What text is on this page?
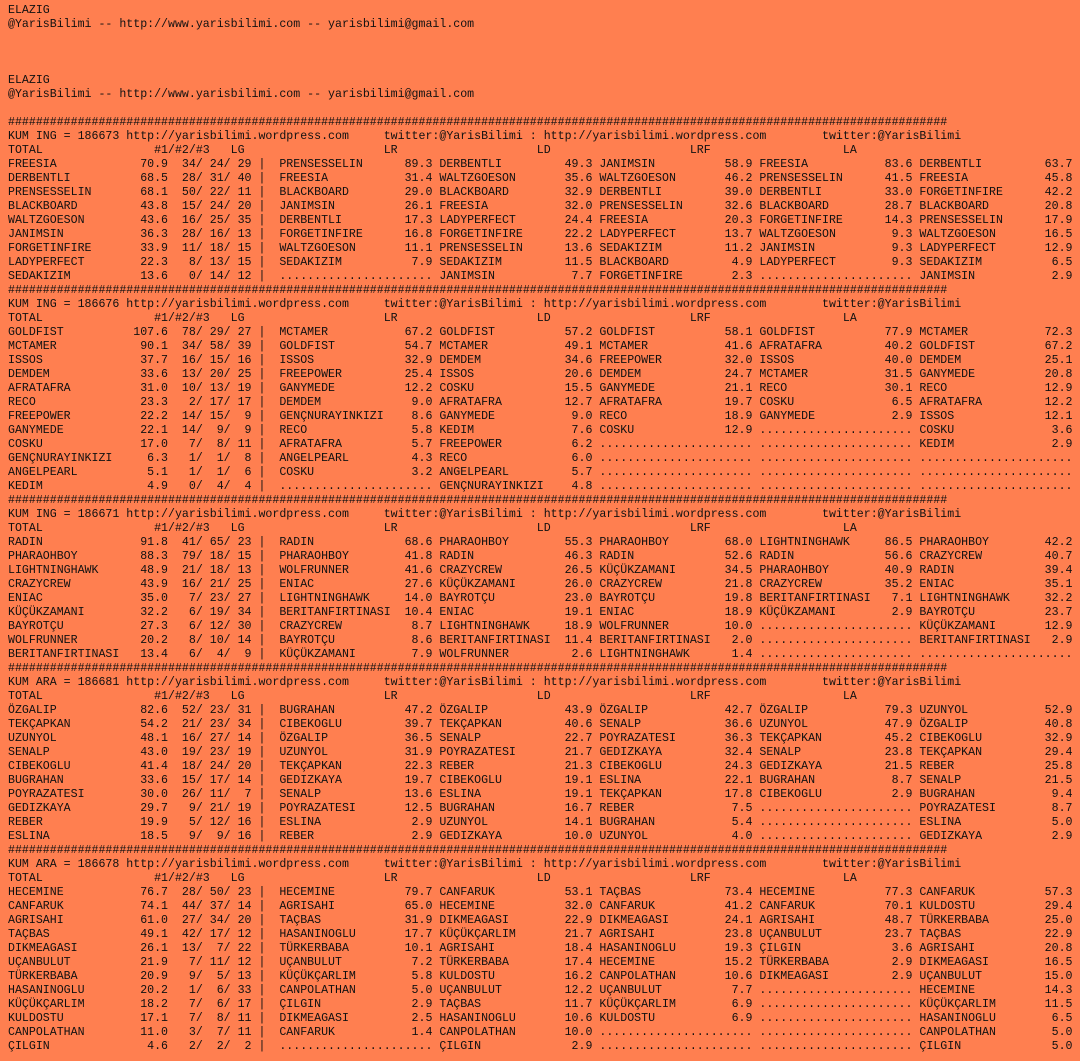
ELAZIG
@YarisBilimi -- http://www.yarisbilimi.com -- yarisbilimi@gmail.com
ELAZIG
@YarisBilimi -- http://www.yarisbilimi.com -- yarisbilimi@gmail.com
#######################################################################################################################################
KUM ING = 186673 http://yarisbilimi.wordpress.com     twitter:@YarisBilimi : http://yarisbilimi.wordpress.com        twitter:@YarisBilimi
TOTAL                #1/#2/#3   LG                    LR                    LD                    LRF                   LA
FREESIA            70.9  34/ 24/ 29 |  PRENSESSELIN      89.3 DERBENTLI         49.3 JANIMSIN          58.9 FREESIA           83.6 DERBENTLI         63.7
DERBENTLI          68.5  28/ 31/ 40 |  FREESIA           31.4 WALTZGOESON       35.6 WALTZGOESON       46.2 PRENSESSELIN      41.5 FREESIA           45.8
PRENSESSELIN       68.1  50/ 22/ 11 |  BLACKBOARD        29.0 BLACKBOARD        32.9 DERBENTLI         39.0 DERBENTLI         33.0 FORGETINFIRE      42.2
BLACKBOARD         43.8  15/ 24/ 20 |  JANIMSIN          26.1 FREESIA           32.0 PRENSESSELIN      32.6 BLACKBOARD        28.7 BLACKBOARD        20.8
WALTZGOESON        43.6  16/ 25/ 35 |  DERBENTLI         17.3 LADYPERFECT       24.4 FREESIA           20.3 FORGETINFIRE      14.3 PRENSESSELIN      17.9
JANIMSIN           36.3  28/ 16/ 13 |  FORGETINFIRE      16.8 FORGETINFIRE      22.2 LADYPERFECT       13.7 WALTZGOESON        9.3 WALTZGOESON       16.5
FORGETINFIRE       33.9  11/ 18/ 15 |  WALTZGOESON       11.1 PRENSESSELIN      13.6 SEDAKIZIM         11.2 JANIMSIN           9.3 LADYPERFECT       12.9
LADYPERFECT        22.3   8/ 13/ 15 |  SEDAKIZIM          7.9 SEDAKIZIM         11.5 BLACKBOARD         4.9 LADYPERFECT        9.3 SEDAKIZIM          6.5
SEDAKIZIM          13.6   0/ 14/ 12 |  ...................... JANIMSIN           7.7 FORGETINFIRE       2.3 ...................... JANIMSIN           2.9
#######################################################################################################################################
KUM ING = 186676 http://yarisbilimi.wordpress.com     twitter:@YarisBilimi : http://yarisbilimi.wordpress.com        twitter:@YarisBilimi
TOTAL                #1/#2/#3   LG                    LR                    LD                    LRF                   LA
GOLDFIST          107.6  78/ 29/ 27 |  MCTAMER           67.2 GOLDFIST          57.2 GOLDFIST          58.1 GOLDFIST          77.9 MCTAMER           72.3
MCTAMER            90.1  34/ 58/ 39 |  GOLDFIST          54.7 MCTAMER           49.1 MCTAMER           41.6 AFRATAFRA         40.2 GOLDFIST          67.2
ISSOS              37.7  16/ 15/ 16 |  ISSOS             32.9 DEMDEM            34.6 FREEPOWER         32.0 ISSOS             40.0 DEMDEM            25.1
DEMDEM             33.6  13/ 20/ 25 |  FREEPOWER         25.4 ISSOS             20.6 DEMDEM            24.7 MCTAMER           31.5 GANYMEDE          20.8
AFRATAFRA          31.0  10/ 13/ 19 |  GANYMEDE          12.2 COSKU             15.5 GANYMEDE          21.1 RECO              30.1 RECO              12.9
RECO               23.3   2/ 17/ 17 |  DEMDEM             9.0 AFRATAFRA         12.7 AFRATAFRA         19.7 COSKU              6.5 AFRATAFRA         12.2
FREEPOWER          22.2  14/ 15/  9 |  GENÇNURAYINKIZI    8.6 GANYMEDE           9.0 RECO              18.9 GANYMEDE           2.9 ISSOS             12.1
GANYMEDE           22.1  14/  9/  9 |  RECO               5.8 KEDIM              7.6 COSKU             12.9 ...................... COSKU              3.6
COSKU              17.0   7/  8/ 11 |  AFRATAFRA          5.7 FREEPOWER          6.2 ...................... ...................... KEDIM              2.9
GENÇNURAYINKIZI     6.3   1/  1/  8 |  ANGELPEARL         4.3 RECO               6.0 ...................... ...................... ......................
ANGELPEARL          5.1   1/  1/  6 |  COSKU              3.2 ANGELPEARL         5.7 ...................... ...................... ......................
KEDIM               4.9   0/  4/  4 |  ...................... GENÇNURAYINKIZI    4.8 ...................... ...................... ......................
#######################################################################################################################################
KUM ING = 186671 http://yarisbilimi.wordpress.com     twitter:@YarisBilimi : http://yarisbilimi.wordpress.com        twitter:@YarisBilimi
TOTAL                #1/#2/#3   LG                    LR                    LD                    LRF                   LA
RADIN              91.8  41/ 65/ 23 |  RADIN             68.6 PHARAOHBOY        55.3 PHARAOHBOY        68.0 LIGHTNINGHAWK     86.5 PHARAOHBOY        42.2
PHARAOHBOY         88.3  79/ 18/ 15 |  PHARAOHBOY        41.8 RADIN             46.3 RADIN             52.6 RADIN             56.6 CRAZYCREW         40.7
LIGHTNINGHAWK      48.9  21/ 18/ 13 |  WOLFRUNNER        41.6 CRAZYCREW         26.5 KÜÇÜKZAMANI       34.5 PHARAOHBOY        40.9 RADIN             39.4
CRAZYCREW          43.9  16/ 21/ 25 |  ENIAC             27.6 KÜÇÜKZAMANI       26.0 CRAZYCREW         21.8 CRAZYCREW         35.2 ENIAC             35.1
ENIAC              35.0   7/ 23/ 27 |  LIGHTNINGHAWK     14.0 BAYROTÇU          23.0 BAYROTÇU          19.8 BERITANFIRTINASI   7.1 LIGHTNINGHAWK     32.2
KÜÇÜKZAMANI        32.2   6/ 19/ 34 |  BERITANFIRTINASI  10.4 ENIAC             19.1 ENIAC             18.9 KÜÇÜKZAMANI        2.9 BAYROTÇU          23.7
BAYROTÇU           27.3   6/ 12/ 30 |  CRAZYCREW          8.7 LIGHTNINGHAWK     18.9 WOLFRUNNER        10.0 ...................... KÜÇÜKZAMANI       12.9
WOLFRUNNER         20.2   8/ 10/ 14 |  BAYROTÇU           8.6 BERITANFIRTINASI  11.4 BERITANFIRTINASI   2.0 ...................... BERITANFIRTINASI   2.9
BERITANFIRTINASI   13.4   6/  4/  9 |  KÜÇÜKZAMANI        7.9 WOLFRUNNER         2.6 LIGHTNINGHAWK      1.4 ...................... ......................
#######################################################################################################################################
KUM ARA = 186681 http://yarisbilimi.wordpress.com     twitter:@YarisBilimi : http://yarisbilimi.wordpress.com        twitter:@YarisBilimi
TOTAL                #1/#2/#3   LG                    LR                    LD                    LRF                   LA
ÖZGALIP            82.6  52/ 23/ 31 |  BUGRAHAN          47.2 ÖZGALIP           43.9 ÖZGALIP           42.7 ÖZGALIP           79.3 UZUNYOL           52.9
TEKÇAPKAN          54.2  21/ 23/ 34 |  CIBEKOGLU         39.7 TEKÇAPKAN         40.6 SENALP            36.6 UZUNYOL           47.9 ÖZGALIP           40.8
UZUNYOL            48.1  16/ 27/ 14 |  ÖZGALIP           36.5 SENALP            22.7 POYRAZATESI       36.3 TEKÇAPKAN         45.2 CIBEKOGLU         32.9
SENALP             43.0  19/ 23/ 19 |  UZUNYOL           31.9 POYRAZATESI       21.7 GEDIZKAYA         32.4 SENALP            23.8 TEKÇAPKAN         29.4
CIBEKOGLU          41.4  18/ 24/ 20 |  TEKÇAPKAN         22.3 REBER             21.3 CIBEKOGLU         24.3 GEDIZKAYA         21.5 REBER             25.8
BUGRAHAN           33.6  15/ 17/ 14 |  GEDIZKAYA         19.7 CIBEKOGLU         19.1 ESLINA            22.1 BUGRAHAN           8.7 SENALP            21.5
POYRAZATESI        30.0  26/ 11/  7 |  SENALP            13.6 ESLINA            19.1 TEKÇAPKAN         17.8 CIBEKOGLU          2.9 BUGRAHAN           9.4
GEDIZKAYA          29.7   9/ 21/ 19 |  POYRAZATESI       12.5 BUGRAHAN          16.7 REBER              7.5 ...................... POYRAZATESI        8.7
REBER              19.9   5/ 12/ 16 |  ESLINA             2.9 UZUNYOL           14.1 BUGRAHAN           5.4 ...................... ESLINA             5.0
ESLINA             18.5   9/  9/ 16 |  REBER              2.9 GEDIZKAYA         10.0 UZUNYOL            4.0 ...................... GEDIZKAYA          2.9
#######################################################################################################################################
KUM ARA = 186678 http://yarisbilimi.wordpress.com     twitter:@YarisBilimi : http://yarisbilimi.wordpress.com        twitter:@YarisBilimi
TOTAL                #1/#2/#3   LG                    LR                    LD                    LRF                   LA
HECEMINE           76.7  28/ 50/ 23 |  HECEMINE          79.7 CANFARUK          53.1 TAÇBAS            73.4 HECEMINE          77.3 CANFARUK          57.3
CANFARUK           74.1  44/ 37/ 14 |  AGRISAHI          65.0 HECEMINE          32.0 CANFARUK          41.2 CANFARUK          70.1 KULDOSTU          29.4
AGRISAHI           61.0  27/ 34/ 20 |  TAÇBAS            31.9 DIKMEAGASI        22.9 DIKMEAGASI        24.1 AGRISAHI          48.7 TÜRKERBABA        25.0
TAÇBAS             49.1  42/ 17/ 12 |  HASANINOGLU       17.7 KÜÇÜKÇARLIM       21.7 AGRISAHI          23.8 UÇANBULUT         23.7 TAÇBAS            22.9
DIKMEAGASI         26.1  13/  7/ 22 |  TÜRKERBABA        10.1 AGRISAHI          18.4 HASANINOGLU       19.3 ÇILGIN             3.6 AGRISAHI          20.8
UÇANBULUT          21.9   7/ 11/ 12 |  UÇANBULUT          7.2 TÜRKERBABA        17.4 HECEMINE          15.2 TÜRKERBABA         2.9 DIKMEAGASI        16.5
TÜRKERBABA         20.9   9/  5/ 13 |  KÜÇÜKÇARLIM        5.8 KULDOSTU          16.2 CANPOLATHAN       10.6 DIKMEAGASI         2.9 UÇANBULUT         15.0
HASANINOGLU        20.2   1/  6/ 33 |  CANPOLATHAN        5.0 UÇANBULUT         12.2 UÇANBULUT          7.7 ...................... HECEMINE          14.3
KÜÇÜKÇARLIM        18.2   7/  6/ 17 |  ÇILGIN             2.9 TAÇBAS            11.7 KÜÇÜKÇARLIM        6.9 ...................... KÜÇÜKÇARLIM       11.5
KULDOSTU           17.1   7/  8/ 11 |  DIKMEAGASI         2.5 HASANINOGLU       10.6 KULDOSTU           6.9 ...................... HASANINOGLU        6.5
CANPOLATHAN        11.0   3/  7/ 11 |  CANFARUK           1.4 CANPOLATHAN       10.0 ...................... ...................... CANPOLATHAN        5.0
ÇILGIN              4.6   2/  2/  2 |  ...................... ÇILGIN             2.9 ...................... ...................... ÇILGIN             5.0
